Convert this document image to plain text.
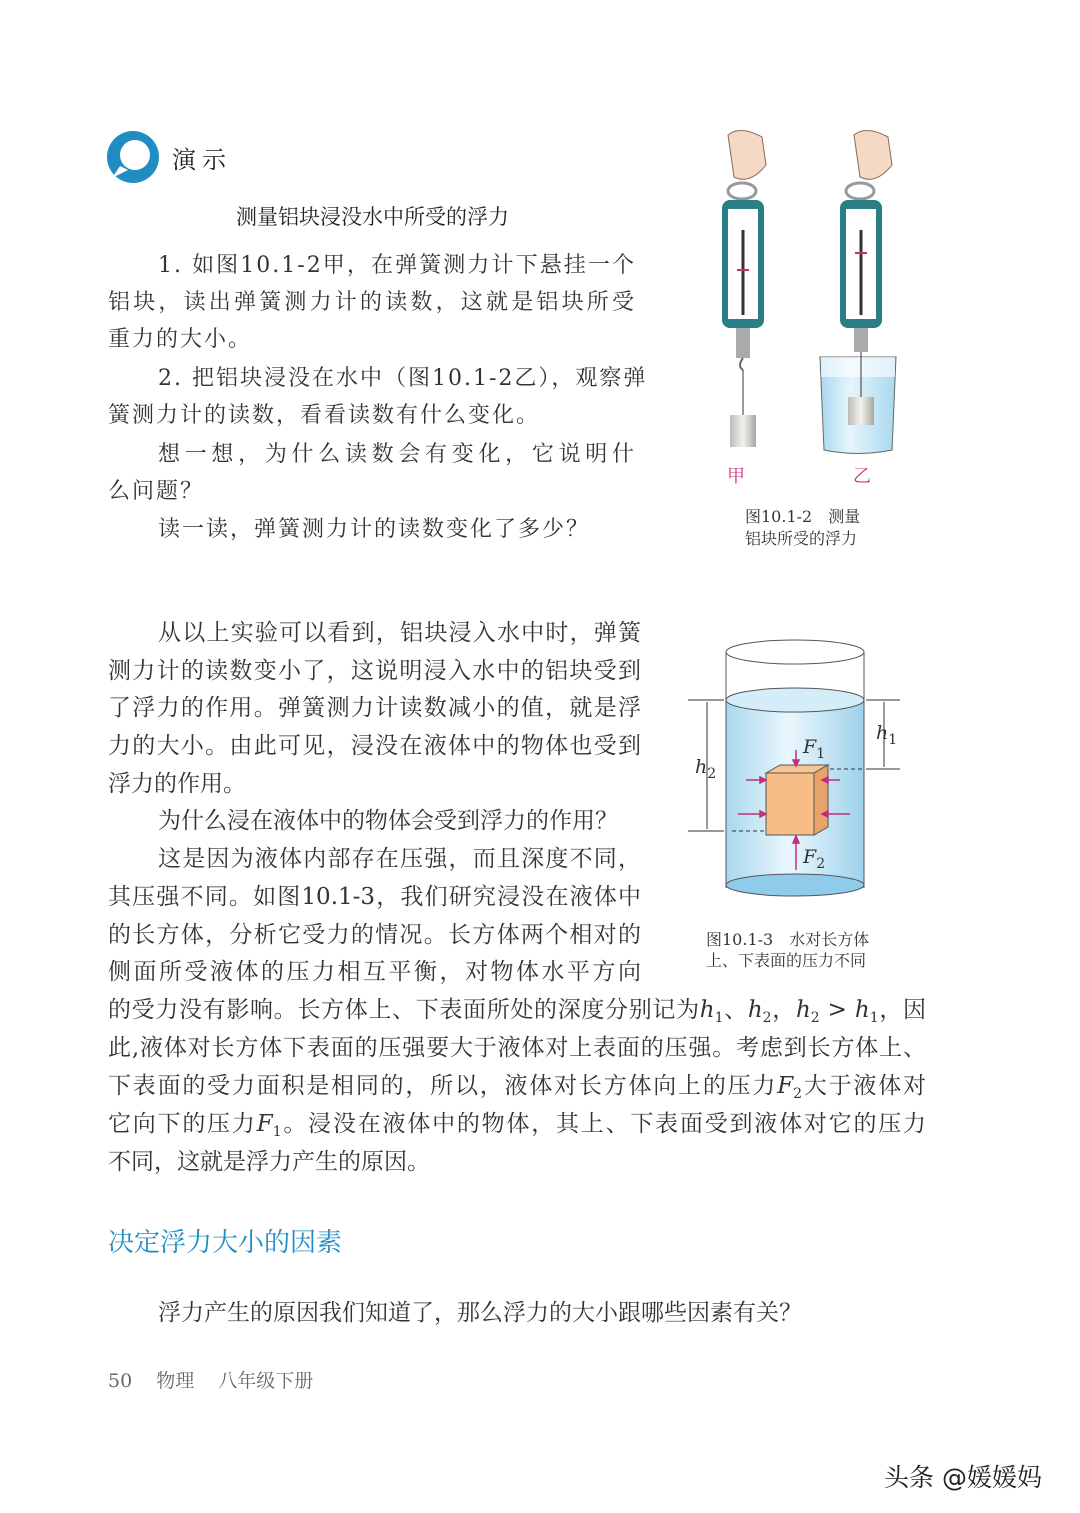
演示
测量铝块浸没水中所受的浮力
1. 如图10.1-2甲，在弹簧测力计下悬挂一个
铝块，读出弹簧测力计的读数，这就是铝块所受
重力的大小。
2. 把铝块浸没在水中（图10.1-2乙），观察弹
簧测力计的读数，看看读数有什么变化。
想一想，为什么读数会有变化，它说明什
么问题？
读一读，弹簧测力计的读数变化了多少？
甲	乙
图10.1-2　测量
铝块所受的浮力
$h_1$
$h_2$
$F_1$
$F_2$
图10.1-3　水对长方体
上、下表面的压力不同
从以上实验可以看到，铝块浸入水中时，弹簧
测力计的读数变小了，这说明浸入水中的铝块受到
了浮力的作用。弹簧测力计读数减小的值，就是浮
力的大小。由此可见，浸没在液体中的物体也受到
浮力的作用。
为什么浸在液体中的物体会受到浮力的作用？
这是因为液体内部存在压强，而且深度不同，
其压强不同。如图10.1-3，我们研究浸没在液体中
的长方体，分析它受力的情况。长方体两个相对的
侧面所受液体的压力相互平衡，对物体水平方向
的受力没有影响。长方体上、下表面所处的深度分别记为$h_1$、$h_2$，$h_2 > h_1$，因
此,液体对长方体下表面的压强要大于液体对上表面的压强。考虑到长方体上、
下表面的受力面积是相同的，所以，液体对长方体向上的压力$F_2$大于液体对
它向下的压力$F_1$。浸没在液体中的物体，其上、下表面受到液体对它的压力
不同，这就是浮力产生的原因。
决定浮力大小的因素
浮力产生的原因我们知道了，那么浮力的大小跟哪些因素有关？
50 物理 八年级下册
头条 @媛媛妈
